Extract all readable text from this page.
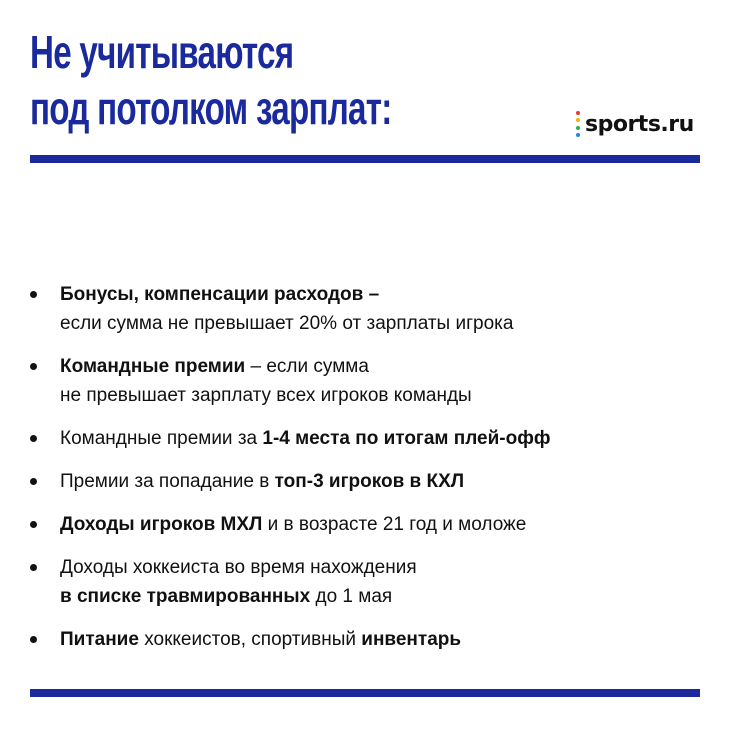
Не учитываются
под потолком зарплат:	sports.ru
Бонусы, компенсации расходов –
если сумма не превышает 20% от зарплаты игрока
Командные премии – если сумма
не превышает зарплату всех игроков команды
Командные премии за 1-4 места по итогам плей-офф
Премии за попадание в топ-3 игроков в КХЛ
Доходы игроков МХЛ и в возрасте 21 год и моложе
Доходы хоккеиста во время нахождения
в списке травмированных до 1 мая
Питание хоккеистов, спортивный инвентарь
